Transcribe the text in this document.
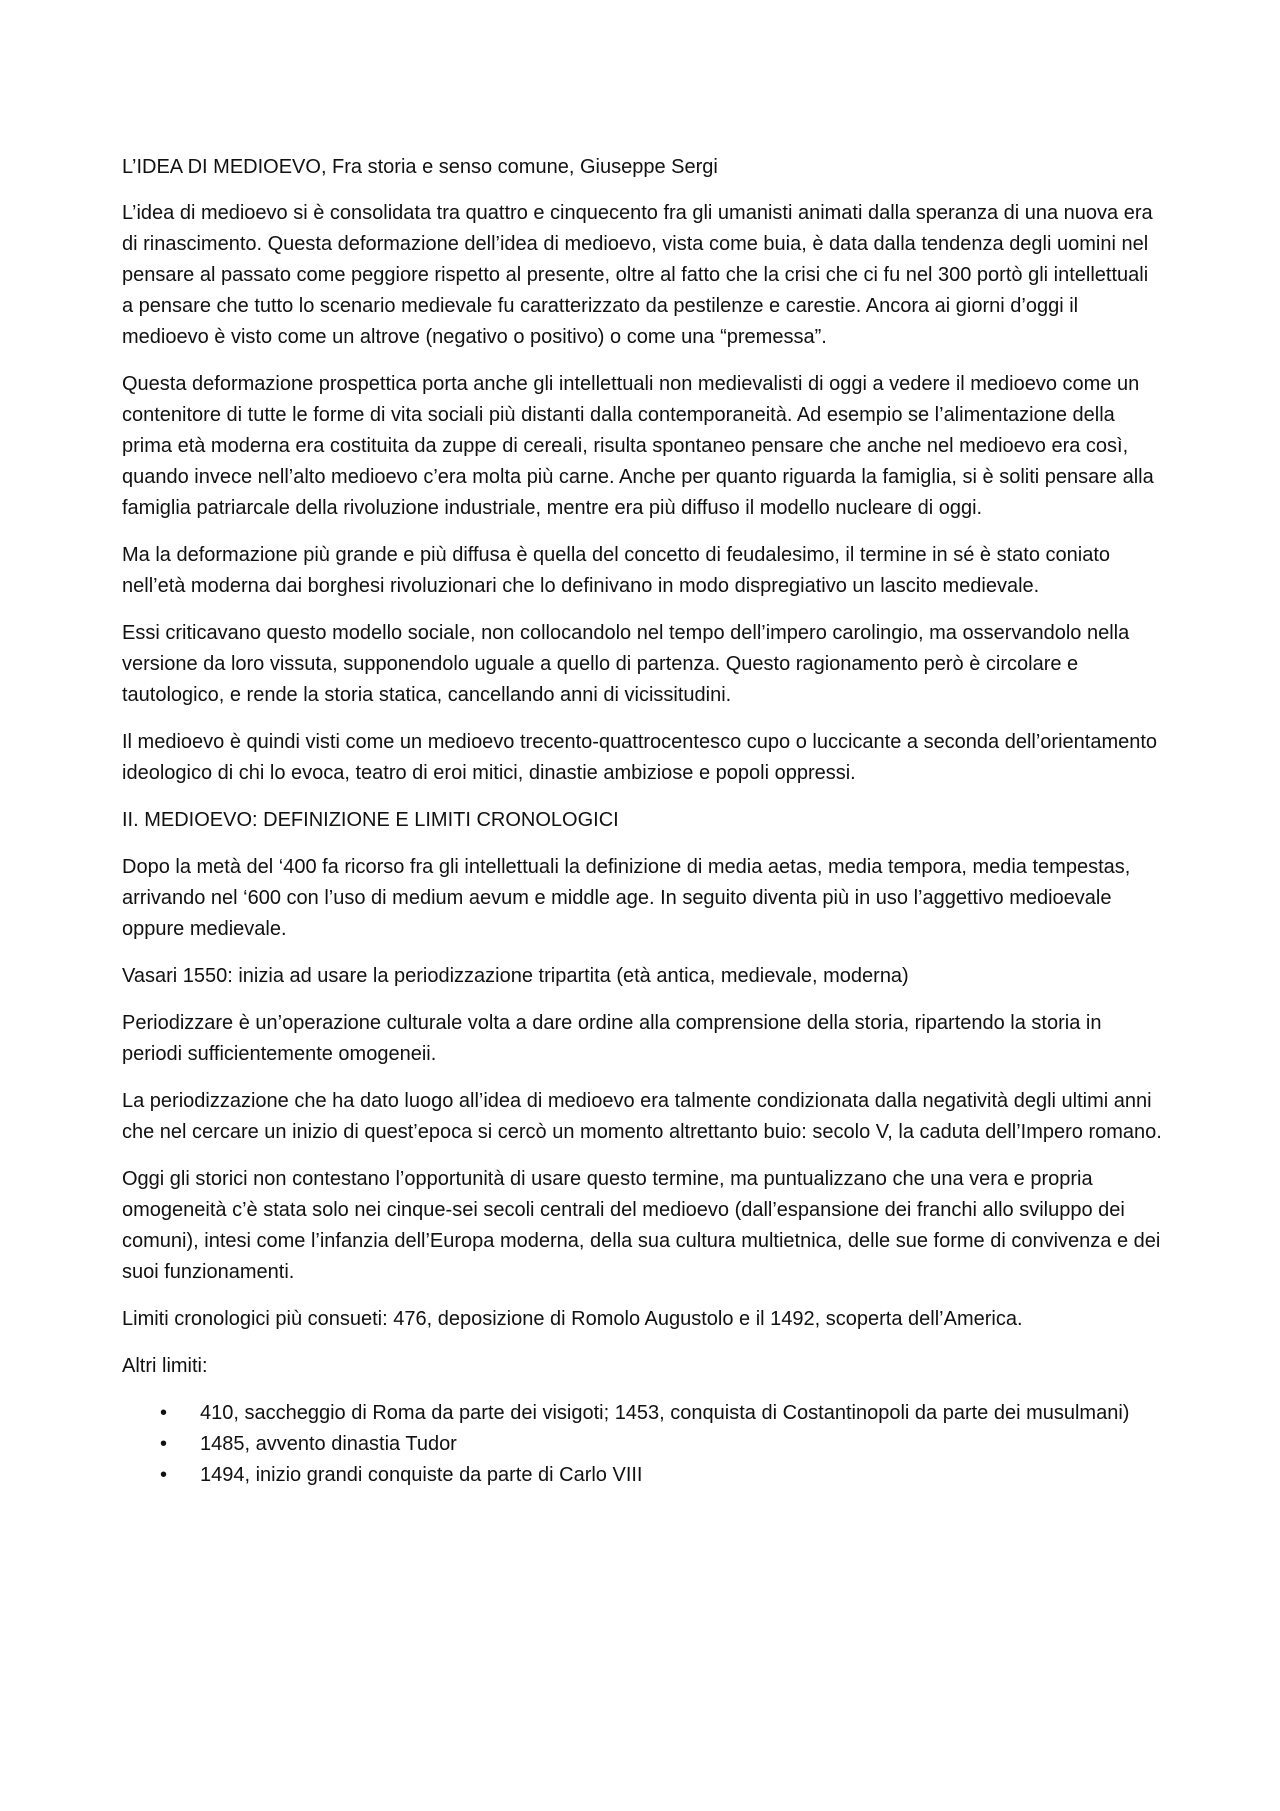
L’IDEA DI MEDIOEVO, Fra storia e senso comune, Giuseppe Sergi

L’idea di medioevo si è consolidata tra quattro e cinquecento fra gli umanisti animati dalla speranza di una nuova era di rinascimento. Questa deformazione dell’idea di medioevo, vista come buia, è data dalla tendenza degli uomini nel pensare al passato come peggiore rispetto al presente, oltre al fatto che la crisi che ci fu nel 300 portò gli intellettuali a pensare che tutto lo scenario medievale fu caratterizzato da pestilenze e carestie. Ancora ai giorni d’oggi il medioevo è visto come un altrove (negativo o positivo) o come una “premessa”.

Questa deformazione prospettica porta anche gli intellettuali non medievalisti di oggi a vedere il medioevo come un contenitore di tutte le forme di vita sociali più distanti dalla contemporaneità. Ad esempio se l’alimentazione della prima età moderna era costituita da zuppe di cereali, risulta spontaneo pensare che anche nel medioevo era così, quando invece nell’alto medioevo c’era molta più carne. Anche per quanto riguarda la famiglia, si è soliti pensare alla famiglia patriarcale della rivoluzione industriale, mentre era più diffuso il modello nucleare di oggi.

Ma la deformazione più grande e più diffusa è quella del concetto di feudalesimo, il termine in sé è stato coniato nell’età moderna dai borghesi rivoluzionari che lo definivano in modo dispregiativo un lascito medievale.

Essi criticavano questo modello sociale, non collocandolo nel tempo dell’impero carolingio, ma osservandolo nella versione da loro vissuta, supponendolo uguale a quello di partenza. Questo ragionamento però è circolare e tautologico, e rende la storia statica, cancellando anni di vicissitudini.

Il medioevo è quindi visti come un medioevo trecento-quattrocentesco cupo o luccicante a seconda dell’orientamento ideologico di chi lo evoca, teatro di eroi mitici, dinastie ambiziose e popoli oppressi.

II. MEDIOEVO: DEFINIZIONE E LIMITI CRONOLOGICI

Dopo la metà del ‘400 fa ricorso fra gli intellettuali la definizione di media aetas, media tempora, media tempestas, arrivando nel ‘600 con l’uso di medium aevum e middle age. In seguito diventa più in uso l’aggettivo medioevale oppure medievale.

Vasari 1550: inizia ad usare la periodizzazione tripartita (età antica, medievale, moderna)

Periodizzare è un’operazione culturale volta a dare ordine alla comprensione della storia, ripartendo la storia in periodi sufficientemente omogeneii.

La periodizzazione che ha dato luogo all’idea di medioevo era talmente condizionata dalla negatività degli ultimi anni che nel cercare un inizio di quest’epoca si cercò un momento altrettanto buio: secolo V, la caduta dell’Impero romano.

Oggi gli storici non contestano l’opportunità di usare questo termine, ma puntualizzano che una vera e propria omogeneità c’è stata solo nei cinque-sei secoli centrali del medioevo (dall’espansione dei franchi allo sviluppo dei comuni), intesi come l’infanzia dell’Europa moderna, della sua cultura multietnica, delle sue forme di convivenza e dei suoi funzionamenti.

Limiti cronologici più consueti: 476, deposizione di Romolo Augustolo e il 1492, scoperta dell’America.

Altri limiti:

• 410, saccheggio di Roma da parte dei visigoti; 1453, conquista di Costantinopoli da parte dei musulmani)
• 1485, avvento dinastia Tudor
• 1494, inizio grandi conquiste da parte di Carlo VIII
